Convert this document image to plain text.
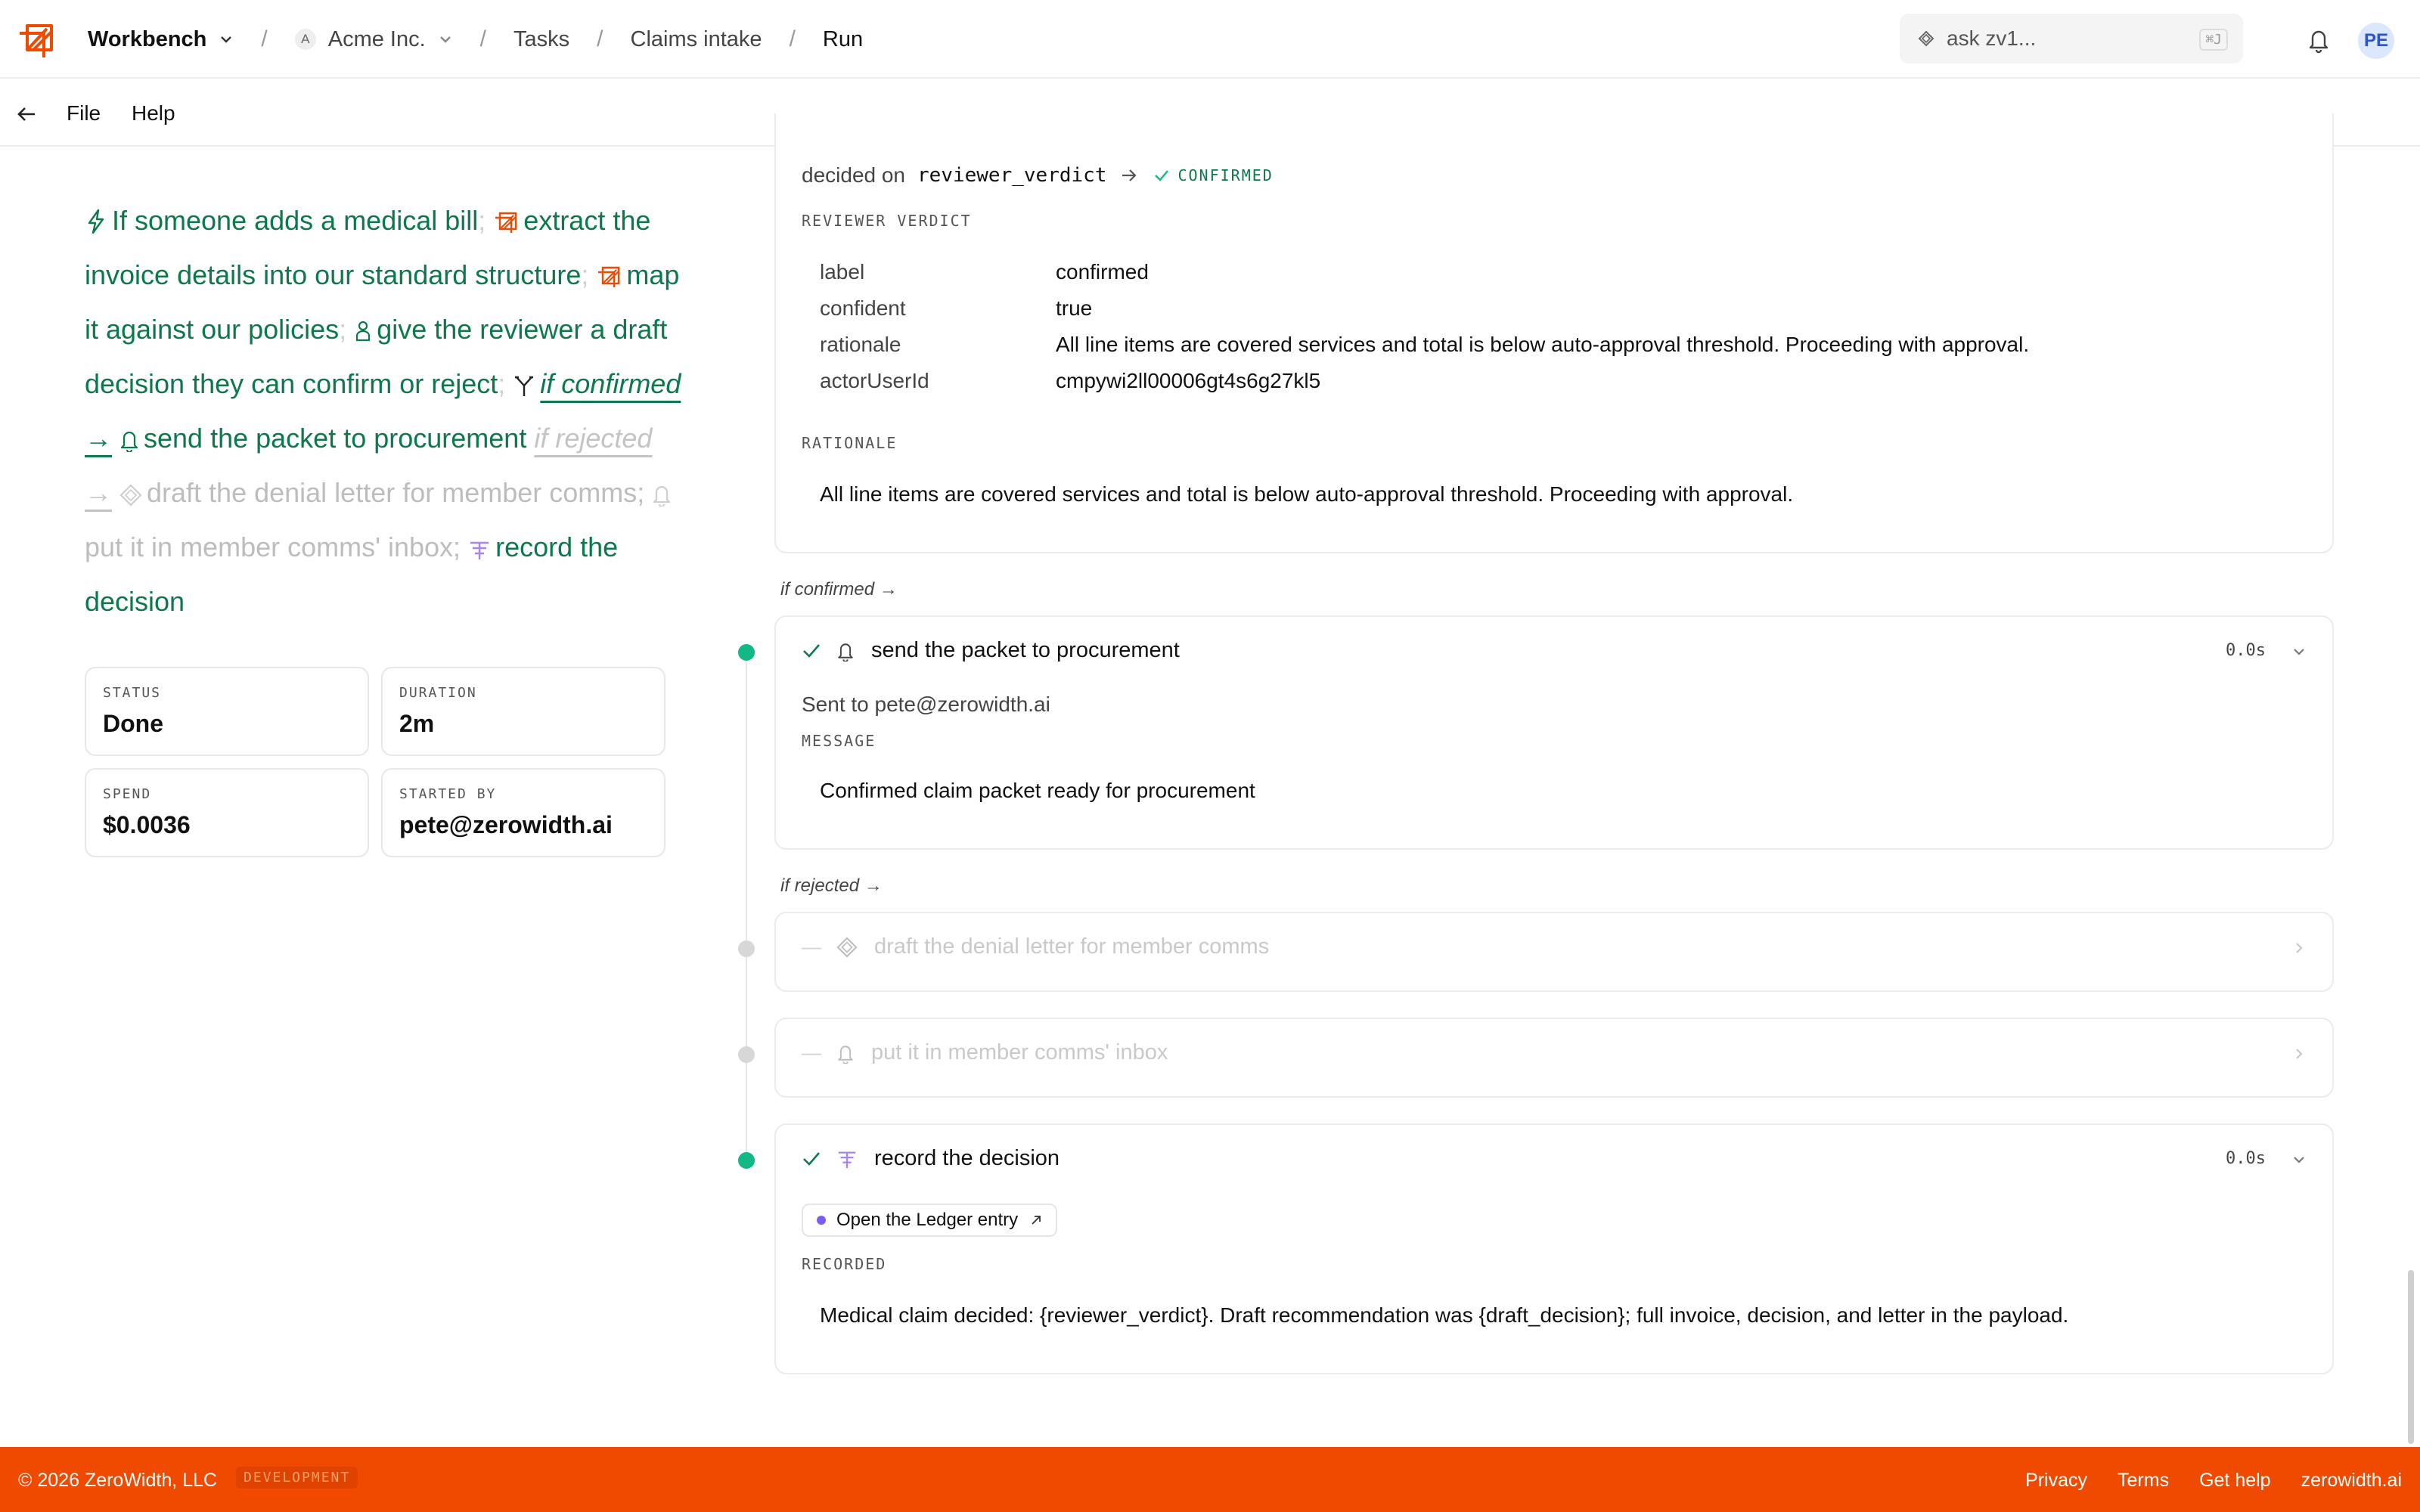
Workbench /	A Acme Inc. / Tasks / Claims intake / Run	ask zv1...	⌘J	PE
File Help
If someone adds a medical bill; extract the invoice details into our standard structure; map it against our policies; give the reviewer a draft decision they can confirm or reject; if confirmed → send the packet to procurement if rejected → draft the denial letter for member comms; put it in member comms' inbox; record the decision
STATUS
Done
DURATION
2m
SPEND
$0.0036
STARTED BY
pete@zerowidth.ai
decided on reviewer_verdict	CONFIRMED
REVIEWER VERDICT
label	confirmed
confident	true
rationale	All line items are covered services and total is below auto-approval threshold. Proceeding with approval.
actorUserId	cmpywi2ll00006gt4s6g27kl5
RATIONALE
All line items are covered services and total is below auto-approval threshold. Proceeding with approval.
if confirmed →
send the packet to procurement	0.0s
Sent to pete@zerowidth.ai
MESSAGE
Confirmed claim packet ready for procurement
if rejected →
— draft the denial letter for member comms
— put it in member comms' inbox
record the decision	0.0s
Open the Ledger entry
RECORDED
Medical claim decided: {reviewer_verdict}. Draft recommendation was {draft_decision}; full invoice, decision, and letter in the payload.
© 2026 ZeroWidth, LLC	DEVELOPMENT	Privacy Terms Get help zerowidth.ai
